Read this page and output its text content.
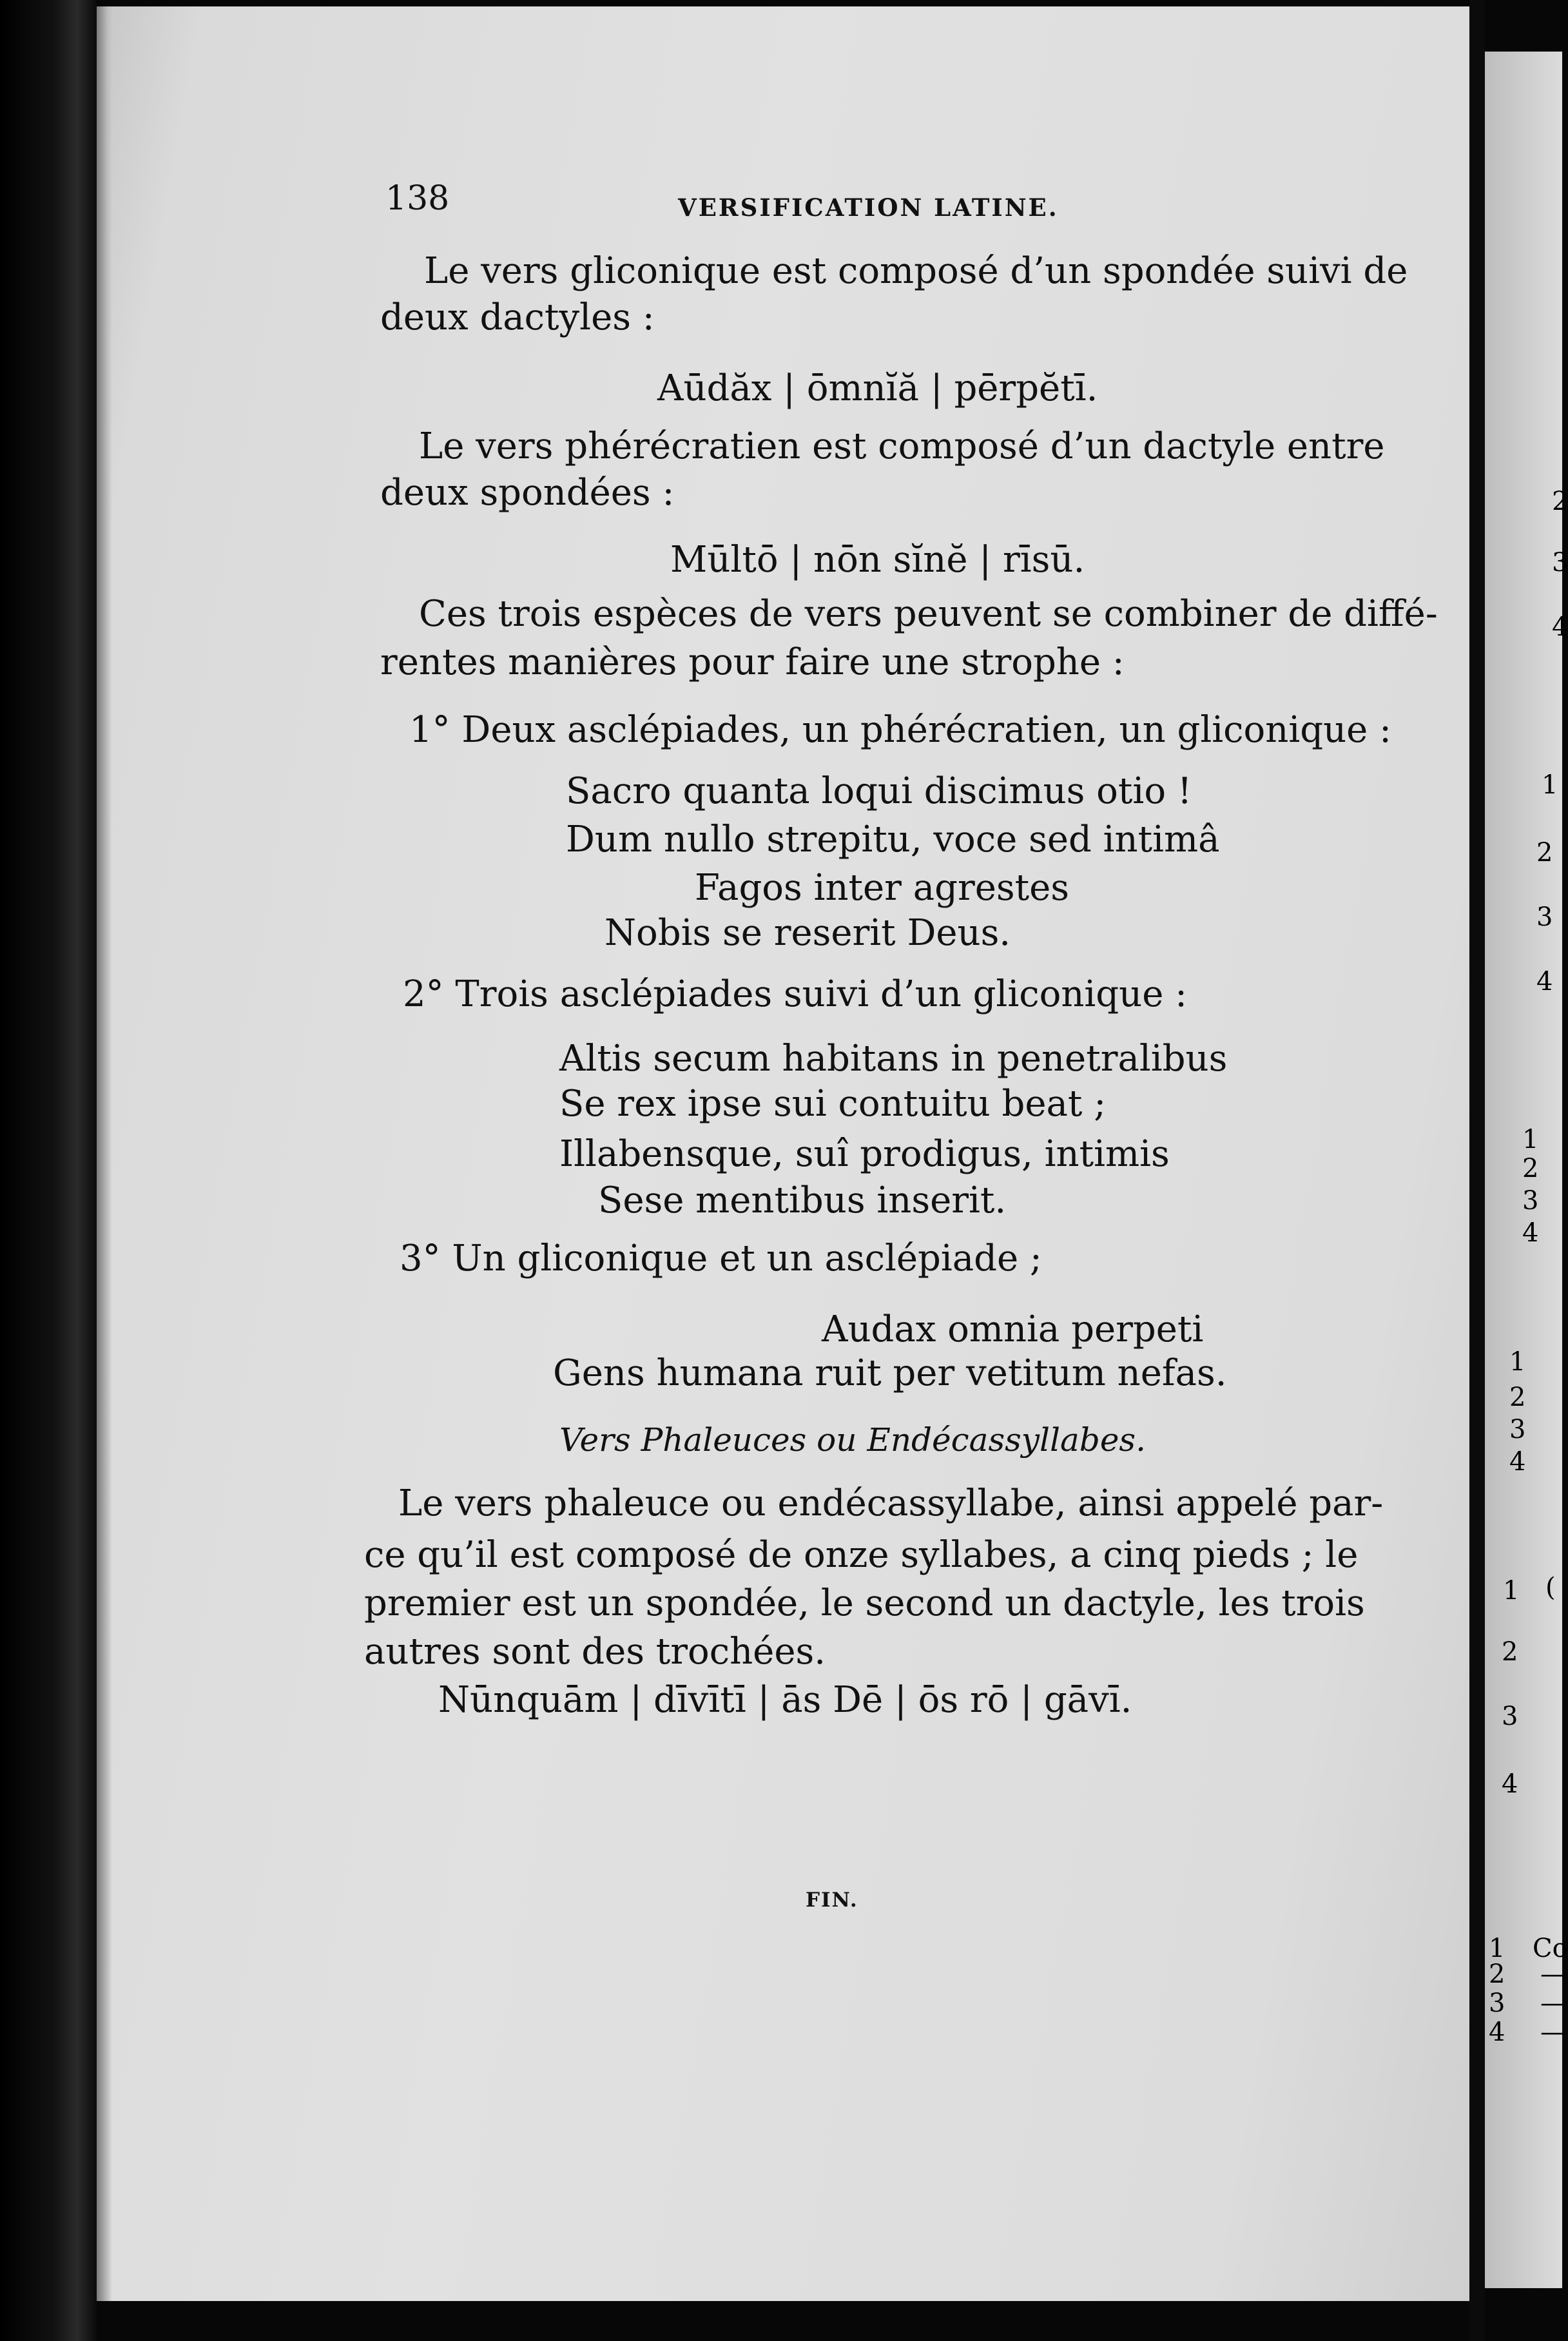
138	VERSIFICATION LATINE.
Le vers gliconique est composé d’un spondée suivi de
deux dactyles :
Aūdăx | ōmnĭă | pērpĕtī.
Le vers phérécratien est composé d’un dactyle entre
deux spondées :
Mūltō | nōn sĭnĕ | rīsū.
Ces trois espèces de vers peuvent se combiner de diffé-
rentes manières pour faire une strophe :
1° Deux asclépiades, un phérécratien, un gliconique :
Sacro quanta loqui discimus otio !
Dum nullo strepitu, voce sed intimâ
Fagos inter agrestes
Nobis se reserit Deus.
2° Trois asclépiades suivi d’un gliconique :
Altis secum habitans in penetralibus
Se rex ipse sui contuitu beat ;
Illabensque, suî prodigus, intimis
Sese mentibus inserit.
3° Un gliconique et un asclépiade ;
Audax omnia perpeti
Gens humana ruit per vetitum nefas.
Vers Phaleuces ou Endécassyllabes.
Le vers phaleuce ou endécassyllabe, ainsi appelé par-
ce qu’il est composé de onze syllabes, a cinq pieds ; le
premier est un spondée, le second un dactyle, les trois
autres sont des trochées.
Nūnquām | dīvītī | ās Dē | ōs rō | gāvī.
FIN.
2
3
4
1
2
3
4
1
2
3
4
1
2
3
4
1
2
3
4
1
2
3
4
(
Co
—
—
—
